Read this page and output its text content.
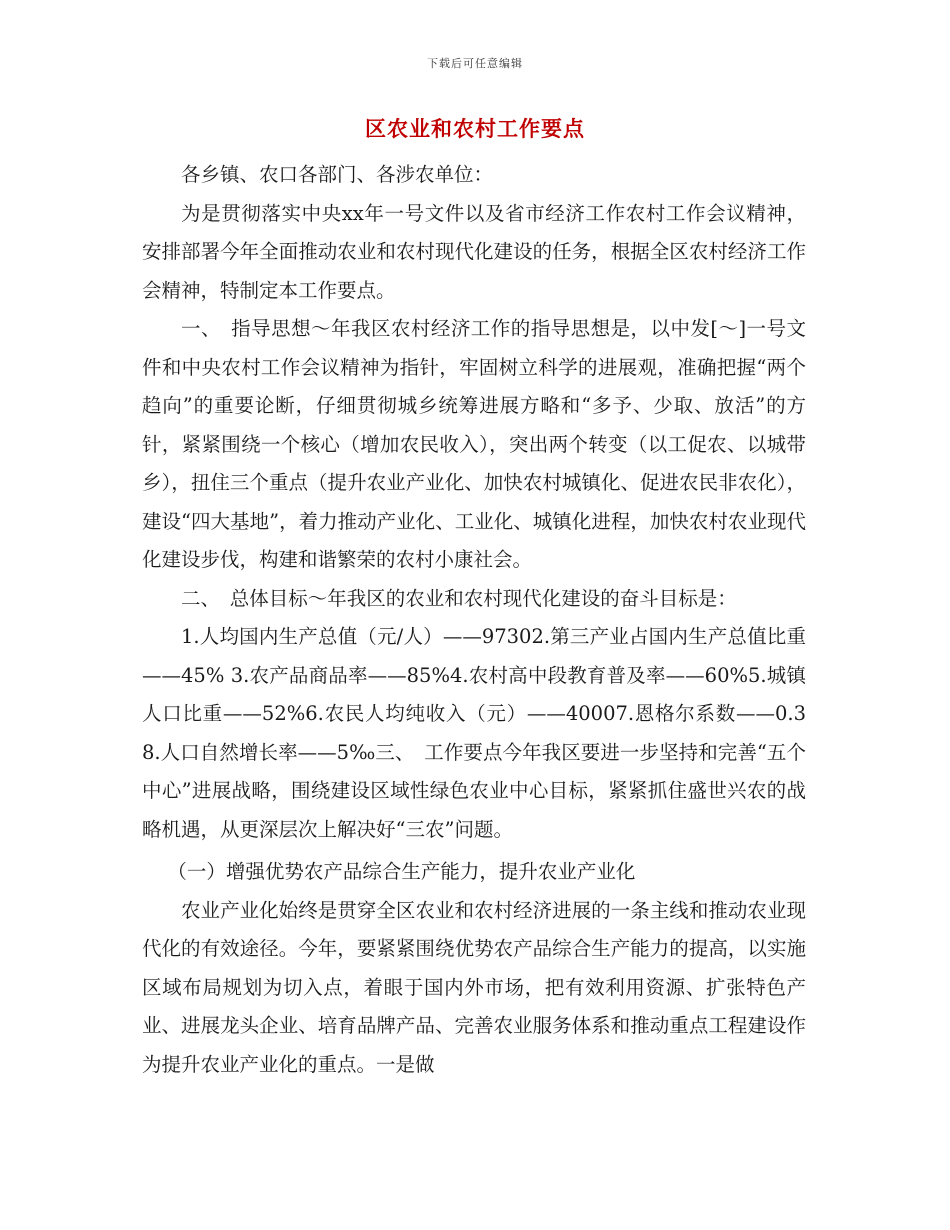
下载后可任意编辑
区农业和农村工作要点

各乡镇、农口各部门、各涉农单位：

为是贯彻落实中央xx年一号文件以及省市经济工作农村工作会议精神，安排部署今年全面推动农业和农村现代化建设的任务，根据全区农村经济工作会精神，特制定本工作要点。

一、　指导思想～年我区农村经济工作的指导思想是，以中发[～]一号文件和中央农村工作会议精神为指针，牢固树立科学的进展观，准确把握“两个趋向”的重要论断，仔细贯彻城乡统筹进展方略和“多予、少取、放活”的方针，紧紧围绕一个核心（增加农民收入），突出两个转变（以工促农、以城带乡），扭住三个重点（提升农业产业化、加快农村城镇化、促进农民非农化），建设“四大基地”，着力推动产业化、工业化、城镇化进程，加快农村农业现代化建设步伐，构建和谐繁荣的农村小康社会。

二、　总体目标～年我区的农业和农村现代化建设的奋斗目标是：

1.人均国内生产总值（元/人）——97302.第三产业占国内生产总值比重——45% 3.农产品商品率——85%4.农村高中段教育普及率——60%5.城镇人口比重——52%6.农民人均纯收入（元）——40007.恩格尔系数——0.3 8.人口自然增长率——5‰三、　工作要点今年我区要进一步坚持和完善“五个中心”进展战略，围绕建设区域性绿色农业中心目标，紧紧抓住盛世兴农的战略机遇，从更深层次上解决好“三农”问题。

（一）增强优势农产品综合生产能力，提升农业产业化

农业产业化始终是贯穿全区农业和农村经济进展的一条主线和推动农业现代化的有效途径。今年，要紧紧围绕优势农产品综合生产能力的提高，以实施区域布局规划为切入点，着眼于国内外市场，把有效利用资源、扩张特色产业、进展龙头企业、培育品牌产品、完善农业服务体系和推动重点工程建设作为提升农业产业化的重点。一是做
